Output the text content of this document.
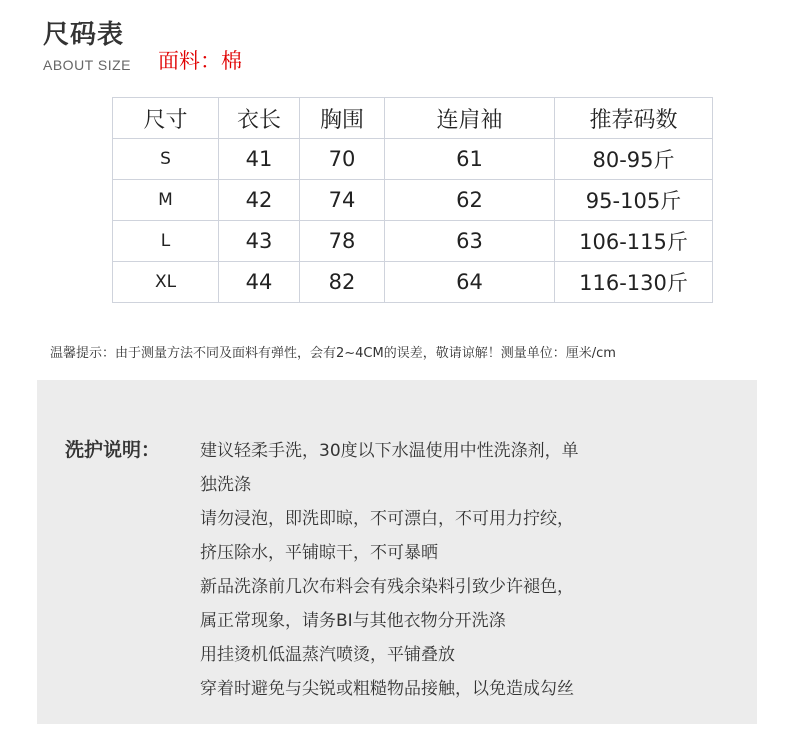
尺码表
ABOUT SIZE 面料：棉
尺寸	衣长	胸围	连肩袖	推荐码数
S	41	70	61	80-95斤
M	42	74	62	95-105斤
L	43	78	63	106-115斤
XL	44	82	64	116-130斤
温馨提示：由于测量方法不同及面料有弹性，会有2~4CM的误差，敬请谅解！测量单位：厘米/cm
洗护说明： 建议轻柔手洗，30度以下水温使用中性洗涤剂，单
独洗涤
请勿浸泡，即洗即晾，不可漂白，不可用力拧绞，
挤压除水，平铺晾干，不可暴晒
新品洗涤前几次布料会有残余染料引致少许褪色，
属正常现象，请务BI与其他衣物分开洗涤
用挂烫机低温蒸汽喷烫，平铺叠放
穿着时避免与尖锐或粗糙物品接触，以免造成勾丝
